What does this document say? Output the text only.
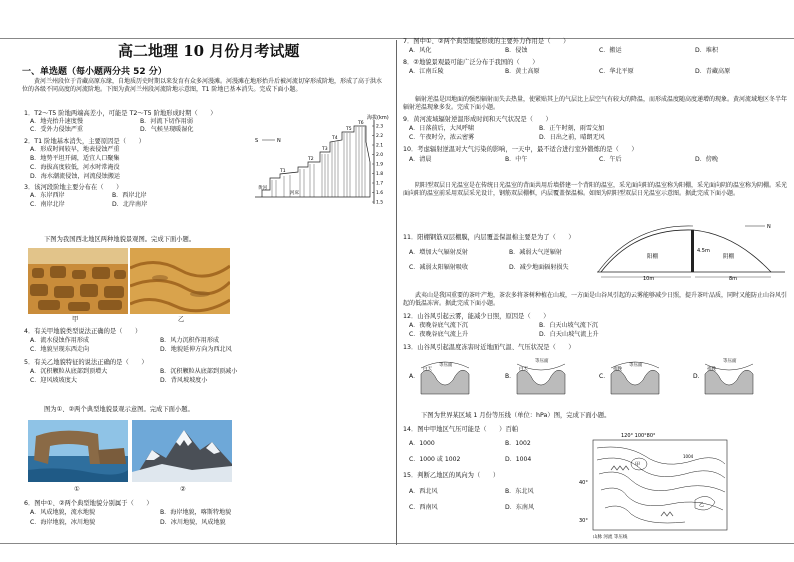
高二地理 10 月份月考试题
一、单选题（每小题两分共 52 分）
黄河兰州段位于青藏高原东缘，自地质历史时期以来发育有众多河漫滩。河漫滩在地形抬升后被河流切穿形成阶地，形成了高于洪水位的各级不同高度的河流阶地。下图为黄河兰州段河流阶地示意图，T1 阶地已基本消失。完成下面小题。
1．T2～T5 阶地两端高差小，可能是 T2～T5 阶地形成时期（　　）
A．地壳抬升速度慢	B．河流下切作用弱
C．受外力侵蚀严重	D．气候呈现暖湿化
2．T1 阶地基本消失，主要原因是（　　）
A．形成时间较早，地表侵蚀严重
B．地势平坦开阔，适宜人口聚集
C．海拔高度较低，河水时常淹没
D．海水潮流侵蚀，河流侵蚀搬运
3．该河段阶地主要分布在（　　）
A．东岸西岸	B．西岸北岸
C．南岸北岸	D．北岸南岸
海拔(km)
2.3
2.2
2.1
2.0
1.9
1.8
1.7
1.6
1.5
T6
T5
T4
T3
T2
T1
河床
黄河
S	N
下图为我国西北地区两种地貌景观图。完成下面小题。
甲	乙
4．有关甲地貌类型说法正确的是（　　）
A．流水侵蚀作用形成	B．风力沉积作用形成
C．地貌呈现东西走向	D．地貌延伸方向为西北风
5．有关乙地貌特征的说法正确的是（　　）
A．沉积颗粒从底部到顶增大	B．沉积颗粒从底部到顶减小
C．迎风坡坡度大	D．背风坡坡度小
图为①、②两个典型地貌景观示意图。完成下面小题。
①	②
6．图中①、②两个典型地貌分别属于（　　）
A．风成地貌，流水地貌	B．海岸地貌，喀斯特地貌
C．海岸地貌，冰川地貌	D．冰川地貌，风成地貌
7．图中①、②两个典型地貌形成的主要外力作用是（　　）
A．风化	B．侵蚀	C．搬运	D．堆积
8．②地貌景观最可能广泛分布于我国的（　　）
A．江南丘陵	B．黄土高原	C．华北平原	D．青藏高原
辐射逆温是因地面的强烈辐射而失去热量，使紧贴其上的气层比上层空气有较大的降温，而形成温度随高度递增的现象。黄河流域地区冬半年辐射逆温现象多发。完成下面小题。
9．黄河流域辐射逆温形成时间和天气状况是（　　）
A．日落前后，大风呼啸	B．正午时刻，雨雪交加
C．午夜时分，浓云密雾	D．日出之前，晴朗无风
10．考虑辐射逆温对大气污染的影响，一天中，最不适合进行室外锻炼的是（　　）
A．清晨	B．中午	C．午后	D．傍晚
阴阳型双层日光温室是在传统日光温室的背面共用后墙搭建一个背阳的温室，采光面向阳的温室称为阳棚，采光面向阴的温室称为阴棚。采光面向阳的温室前采用双层采光设计，钢筋双层棚框，内层覆盖保温棉。如图为阴阳型双层日光温室示意图。据此完成下面小题。
11．阳棚钢筋双层棚膜，内层覆盖保温棉主要是为了（　　）
A．增加大气辐射反射	B．减弱大气逆辐射
C．减弱太阳辐射吸收	D．减少地面辐射损失
阳棚	阴棚
4.5m
10m	8m
N
武夷山是我国重要的茶叶产地，茶农多将茶树种植在山坡，一方面是山谷风引起的云雾能够减少日照，提升茶叶品质，同时又能防止山谷风引起的低温冻害。据此完成下面小题。
12．山谷风引起云雾，能减少日照，原因是（　　）
A．夜晚谷底气流下沉	B．白天山坡气流下沉
C．夜晚谷底气流上升	D．白天山坡气流上升
13．山谷风引起温度冻害时近地面气温、气压状况是（　　）
A．
等压面
白天
B．
等压面
白天
C．
等压面
夜晚
D．
等压面
夜晚
下图为世界某区域 1 月份等压线（单位：hPa）图，完成下面小题。
14．图中甲地区气压可能是（　　）百帕
A．1000	B．1002
C．1000 或 1002	D．1004
15．判断乙地区的风向为（　　）
A．西北风	B．东北风
C．西南风	D．东南风
120° 100°80°
40°
30°
甲
乙
1004
山脉 河流 等压线
